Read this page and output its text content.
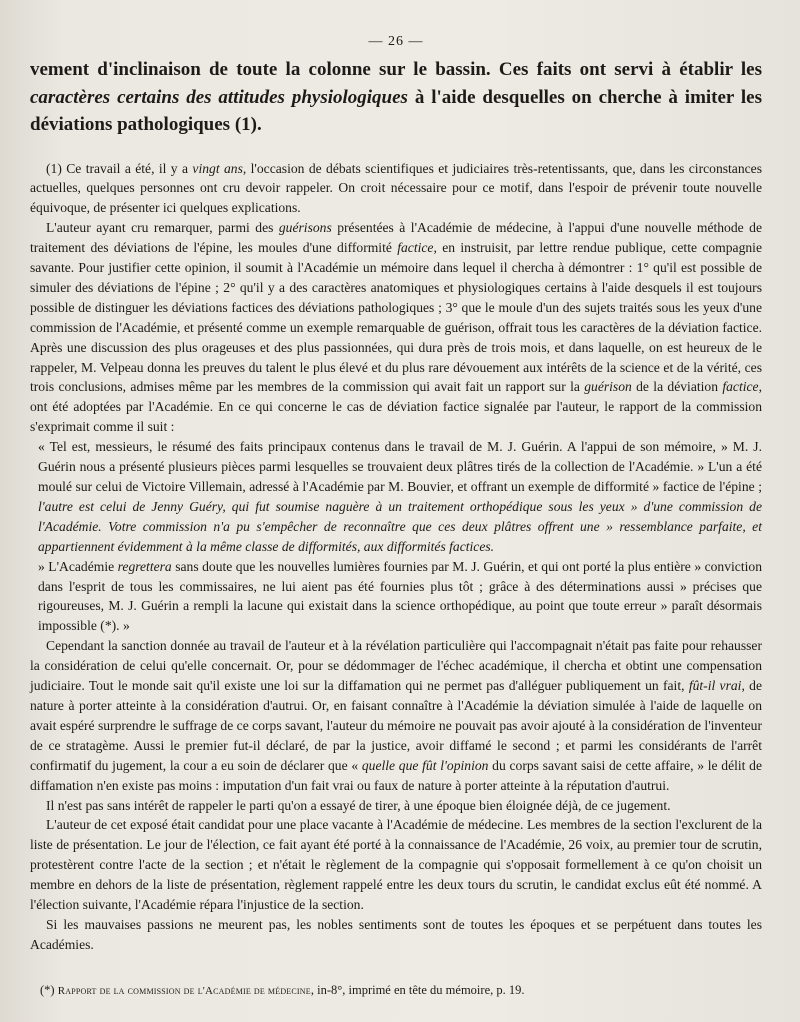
— 26 —

vement d'inclinaison de toute la colonne sur le bassin. Ces faits ont servi à établir les caractères certains des attitudes physiologiques à l'aide desquelles on cherche à imiter les déviations pathologiques (1).

(1) Ce travail a été, il y a vingt ans, l'occasion de débats scientifiques et judiciaires très-retentissants, que, dans les circonstances actuelles, quelques personnes ont cru devoir rappeler. On croit nécessaire pour ce motif, dans l'espoir de prévenir toute nouvelle équivoque, de présenter ici quelques explications.

L'auteur ayant cru remarquer, parmi des guérisons présentées à l'Académie de médecine, à l'appui d'une nouvelle méthode de traitement des déviations de l'épine, les moules d'une difformité factice, en instruisit, par lettre rendue publique, cette compagnie savante. Pour justifier cette opinion, il soumit à l'Académie un mémoire dans lequel il chercha à démontrer : 1° qu'il est possible de simuler des déviations de l'épine ; 2° qu'il y a des caractères anatomiques et physiologiques certains à l'aide desquels il est toujours possible de distinguer les déviations factices des déviations pathologiques ; 3° que le moule d'un des sujets traités sous les yeux d'une commission de l'Académie, et présenté comme un exemple remarquable de guérison, offrait tous les caractères de la déviation factice. Après une discussion des plus orageuses et des plus passionnées, qui dura près de trois mois, et dans laquelle, on est heureux de le rappeler, M. Velpeau donna les preuves du talent le plus élevé et du plus rare dévouement aux intérêts de la science et de la vérité, ces trois conclusions, admises même par les membres de la commission qui avait fait un rapport sur la guérison de la déviation factice, ont été adoptées par l'Académie. En ce qui concerne le cas de déviation factice signalée par l'auteur, le rapport de la commission s'exprimait comme il suit :

« Tel est, messieurs, le résumé des faits principaux contenus dans le travail de M. J. Guérin. A l'appui de son mémoire, » M. J. Guérin nous a présenté plusieurs pièces parmi lesquelles se trouvaient deux plâtres tirés de la collection de l'Académie. » L'un a été moulé sur celui de Victoire Villemain, adressé à l'Académie par M. Bouvier, et offrant un exemple de difformité » factice de l'épine ; l'autre est celui de Jenny Guéry, qui fut soumise naguère à un traitement orthopédique sous les yeux » d'une commission de l'Académie. Votre commission n'a pu s'empêcher de reconnaître que ces deux plâtres offrent une » ressemblance parfaite, et appartiennent évidemment à la même classe de difformités, aux difformités factices.

» L'Académie regrettera sans doute que les nouvelles lumières fournies par M. J. Guérin, et qui ont porté la plus entière » conviction dans l'esprit de tous les commissaires, ne lui aient pas été fournies plus tôt ; grâce à des déterminations aussi » précises que rigoureuses, M. J. Guérin a rempli la lacune qui existait dans la science orthopédique, au point que toute erreur » paraît désormais impossible (*). »

Cependant la sanction donnée au travail de l'auteur et à la révélation particulière qui l'accompagnait n'était pas faite pour rehausser la considération de celui qu'elle concernait. Or, pour se dédommager de l'échec académique, il chercha et obtint une compensation judiciaire. Tout le monde sait qu'il existe une loi sur la diffamation qui ne permet pas d'alléguer publiquement un fait, fût-il vrai, de nature à porter atteinte à la considération d'autrui. Or, en faisant connaître à l'Académie la déviation simulée à l'aide de laquelle on avait espéré surprendre le suffrage de ce corps savant, l'auteur du mémoire ne pouvait pas avoir ajouté à la considération de l'inventeur de ce stratagème. Aussi le premier fut-il déclaré, de par la justice, avoir diffamé le second ; et parmi les considérants de l'arrêt confirmatif du jugement, la cour a eu soin de déclarer que « quelle que fût l'opinion du corps savant saisi de cette affaire, » le délit de diffamation n'en existe pas moins : imputation d'un fait vrai ou faux de nature à porter atteinte à la réputation d'autrui.

Il n'est pas sans intérêt de rappeler le parti qu'on a essayé de tirer, à une époque bien éloignée déjà, de ce jugement.

L'auteur de cet exposé était candidat pour une place vacante à l'Académie de médecine. Les membres de la section l'exclurent de la liste de présentation. Le jour de l'élection, ce fait ayant été porté à la connaissance de l'Académie, 26 voix, au premier tour de scrutin, protestèrent contre l'acte de la section ; et n'était le règlement de la compagnie qui s'opposait formellement à ce qu'on choisit un membre en dehors de la liste de présentation, règlement rappelé entre les deux tours du scrutin, le candidat exclus eût été nommé. A l'élection suivante, l'Académie répara l'injustice de la section.

Si les mauvaises passions ne meurent pas, les nobles sentiments sont de toutes les époques et se perpétuent dans toutes les Académies.

(*) Rapport de la commission de l'Académie de médecine, in-8°, imprimé en tête du mémoire, p. 19.
